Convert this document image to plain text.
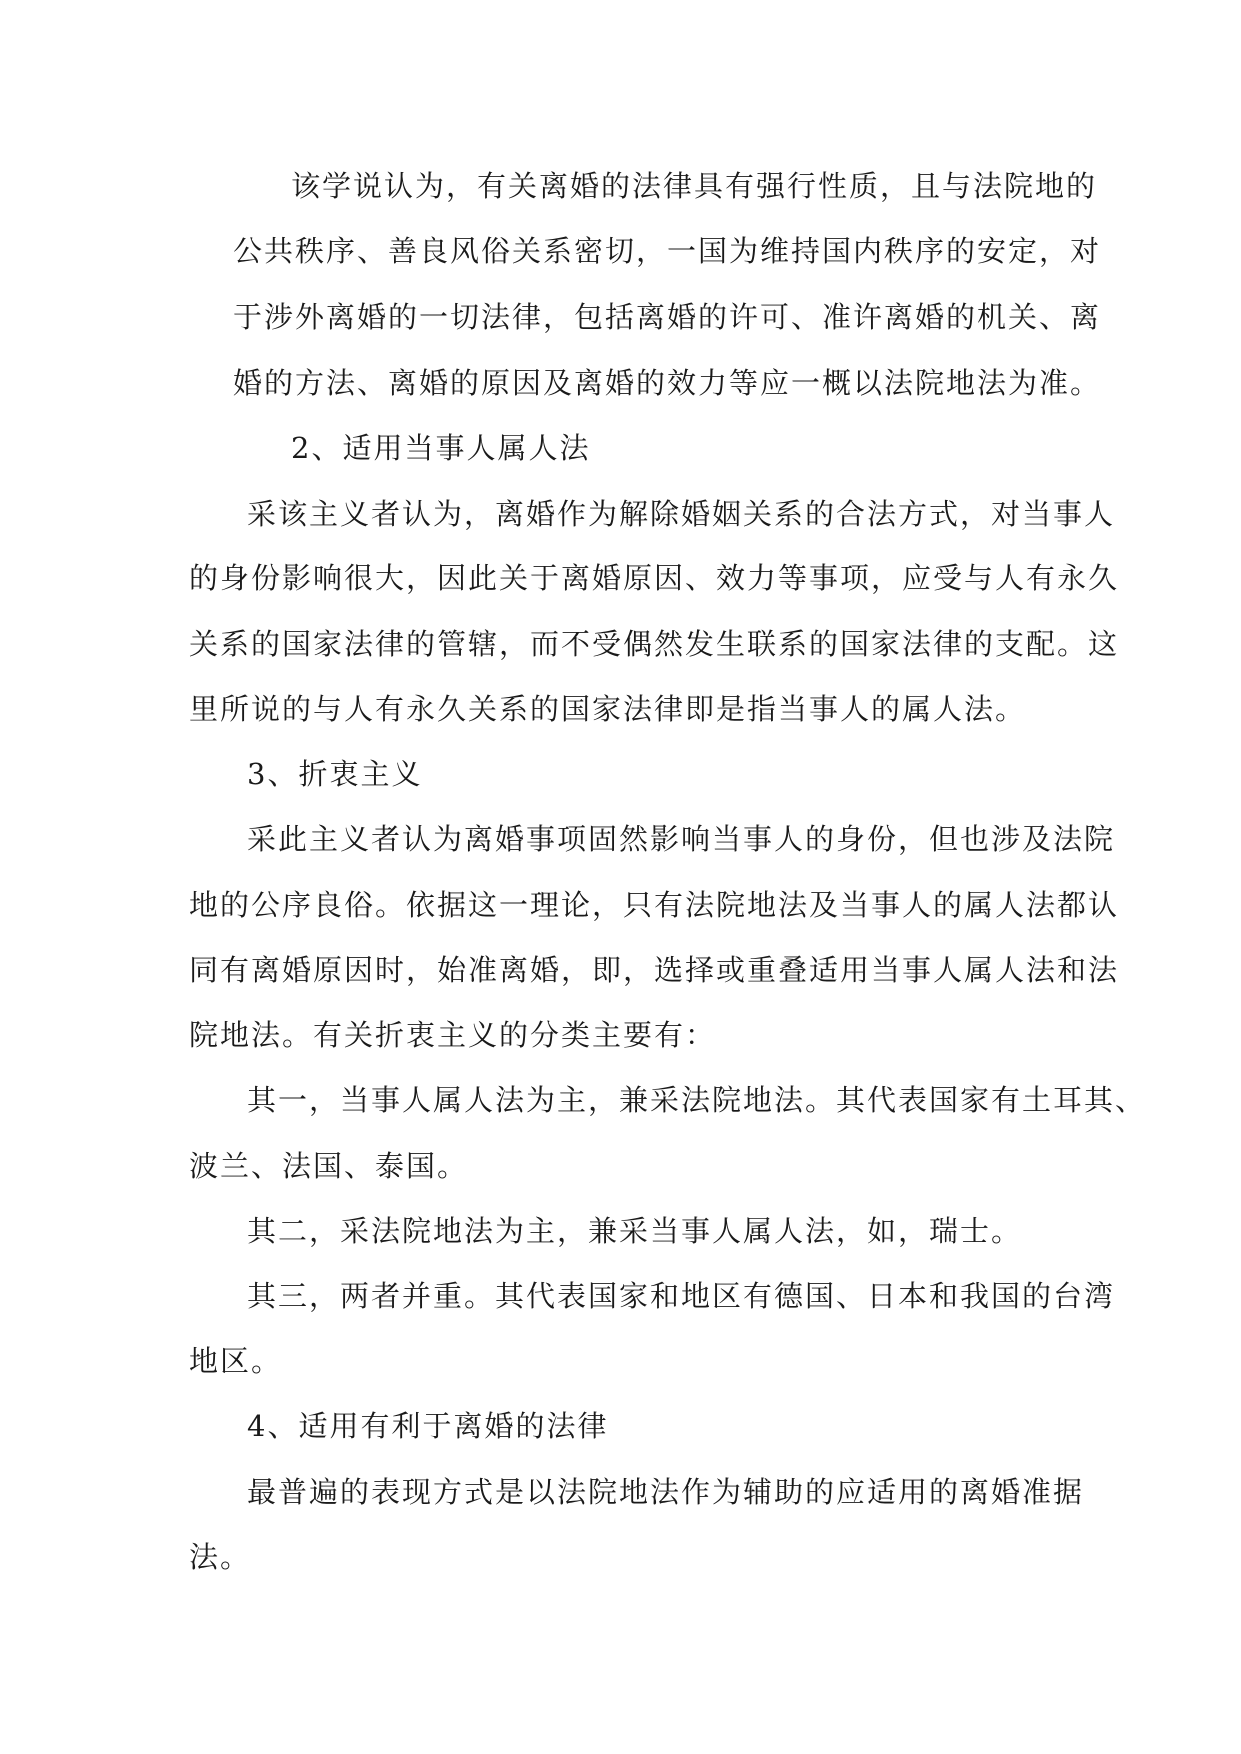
该学说认为，有关离婚的法律具有强行性质，且与法院地的
公共秩序、善良风俗关系密切，一国为维持国内秩序的安定，对
于涉外离婚的一切法律，包括离婚的许可、准许离婚的机关、离
婚的方法、离婚的原因及离婚的效力等应一概以法院地法为准。
2、适用当事人属人法
采该主义者认为，离婚作为解除婚姻关系的合法方式，对当事人
的身份影响很大，因此关于离婚原因、效力等事项，应受与人有永久
关系的国家法律的管辖，而不受偶然发生联系的国家法律的支配。这
里所说的与人有永久关系的国家法律即是指当事人的属人法。
3、折衷主义
采此主义者认为离婚事项固然影响当事人的身份，但也涉及法院
地的公序良俗。依据这一理论，只有法院地法及当事人的属人法都认
同有离婚原因时，始准离婚，即，选择或重叠适用当事人属人法和法
院地法。有关折衷主义的分类主要有：
其一，当事人属人法为主，兼采法院地法。其代表国家有土耳其、
波兰、法国、泰国。
其二，采法院地法为主，兼采当事人属人法，如，瑞士。
其三，两者并重。其代表国家和地区有德国、日本和我国的台湾
地区。
4、适用有利于离婚的法律
最普遍的表现方式是以法院地法作为辅助的应适用的离婚准据
法。
